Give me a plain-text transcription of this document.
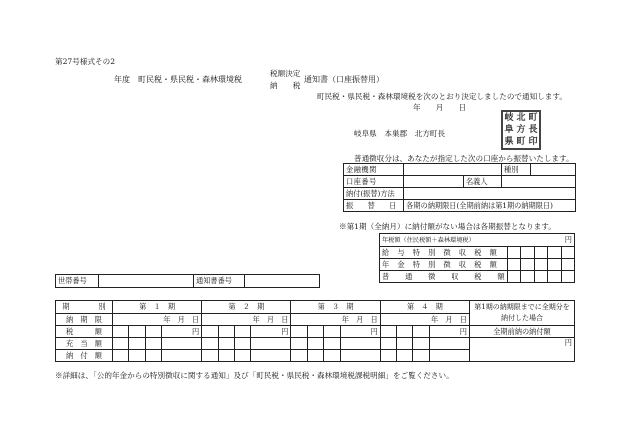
第27号様式その2
年度　町民税・県民税・森林環境税
税額決定
納　　税
通知書（口座振替用）
町民税・県民税・森林環境税を次のとおり決定しましたので通知します。
年　　月　　日
岐阜県　本巣郡　北方町長
岐 北 町
阜 方 長
県 町 印
普通徴収分は、あなたが指定した次の口座から振替いたします。
金融機関			種別	
口座番号		名義人		
納付(振替)方法				
振　　替　　日	各期の納期限日(全期前納は第1期の納期限日)			
※第1期（全納月）に納付額がない場合は各期振替となります。
年税額（住民税額＋森林環境税） 円					

給　与　特　別　徴　収　税　額					
年　金　特　別　徴　収　税　額					
普　　通　　徴　　収　　税　　額					
世帯番号		通知書番号	
期　　　　別	第　１　期				第　２　期				第　３　期				第　４　期				第1期の納期限までに全期分を納付した場合
納　期　限	年　月　日				年　月　日				年　月　日				年　月　日				
税　　　額				円				円				円				円	全期前納の納付額
充　当　額																	円
納　付　額																	
※詳細は、「公的年金からの特別徴収に関する通知」及び「町民税・県民税・森林環境税課税明細」をご覧ください。
